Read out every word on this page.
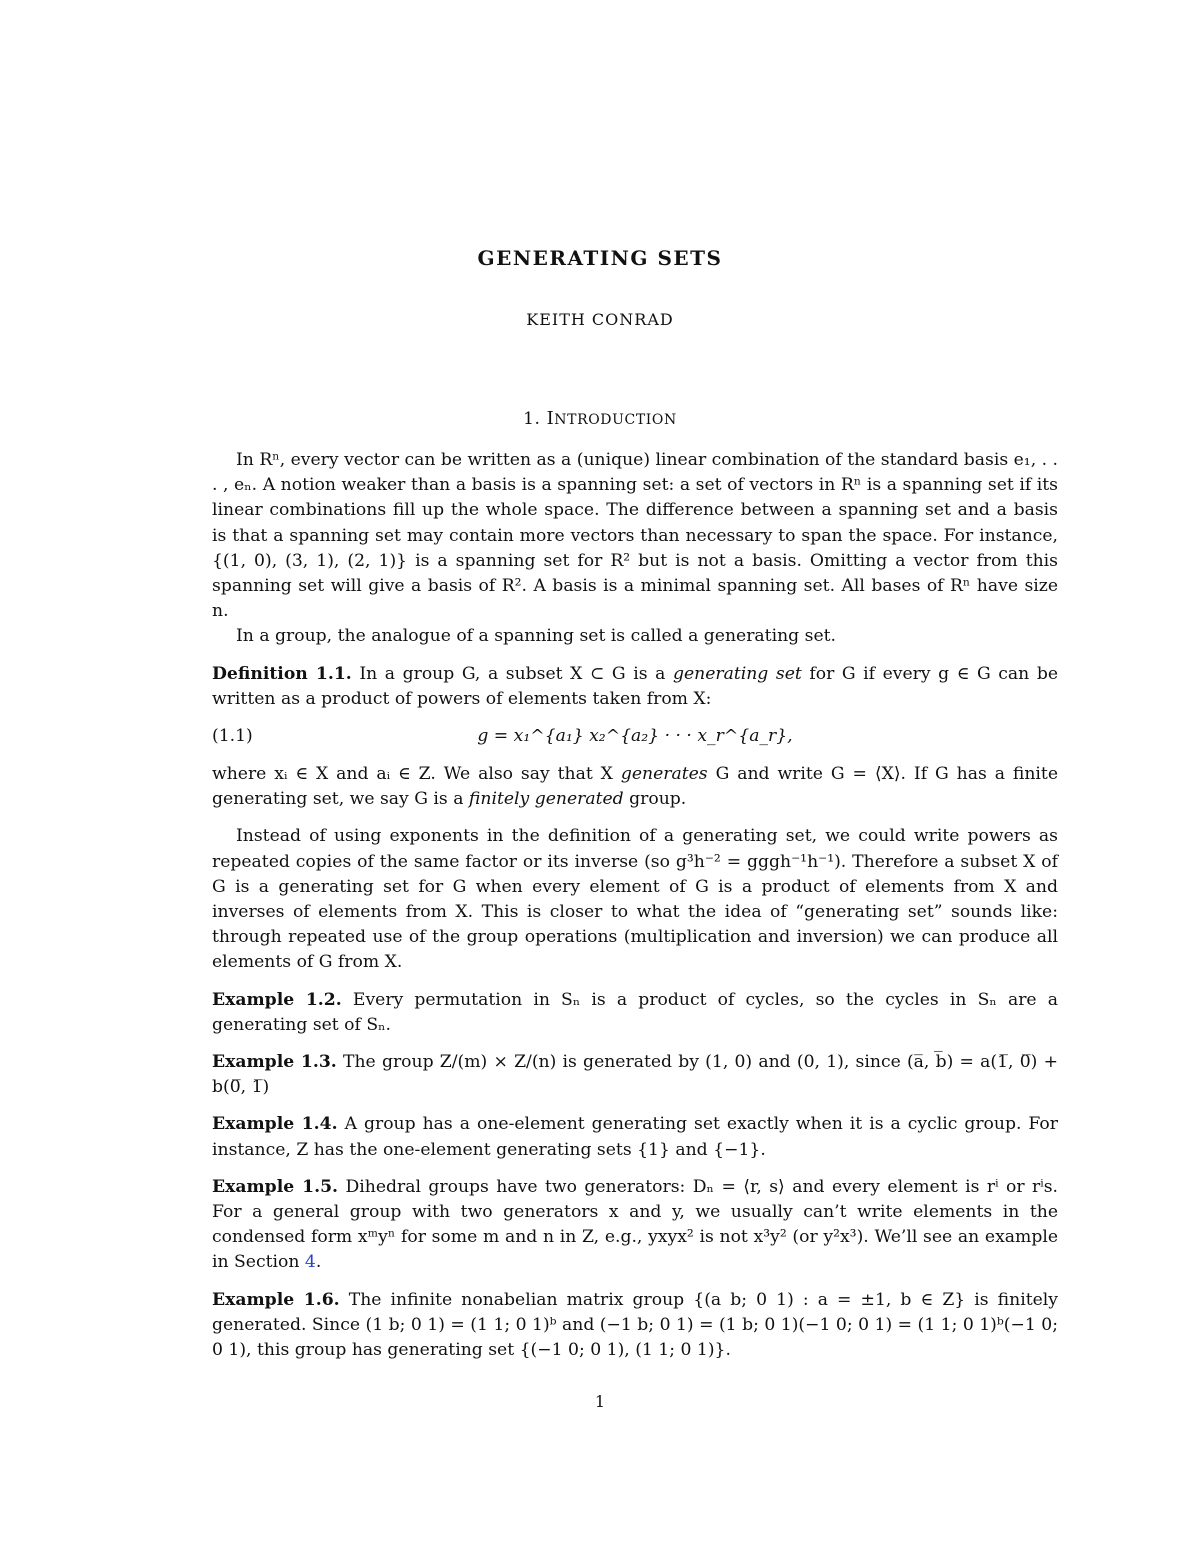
GENERATING SETS
KEITH CONRAD
1. INTRODUCTION

In Rⁿ, every vector can be written as a (unique) linear combination of the standard basis e₁, . . . , eₙ. A notion weaker than a basis is a spanning set: a set of vectors in Rⁿ is a spanning set if its linear combinations fill up the whole space. The difference between a spanning set and a basis is that a spanning set may contain more vectors than necessary to span the space. For instance, {(1, 0), (3, 1), (2, 1)} is a spanning set for R² but is not a basis. Omitting a vector from this spanning set will give a basis of R². A basis is a minimal spanning set. All bases of Rⁿ have size n.

In a group, the analogue of a spanning set is called a generating set.

Definition 1.1. In a group G, a subset X ⊂ G is a generating set for G if every g ∈ G can be written as a product of powers of elements taken from X:

(1.1)	g = x₁^{a₁} x₂^{a₂} · · · x_r^{a_r},

where xᵢ ∈ X and aᵢ ∈ Z. We also say that X generates G and write G = ⟨X⟩. If G has a finite generating set, we say G is a finitely generated group.

Instead of using exponents in the definition of a generating set, we could write powers as repeated copies of the same factor or its inverse (so g³h⁻² = gggh⁻¹h⁻¹). Therefore a subset X of G is a generating set for G when every element of G is a product of elements from X and inverses of elements from X. This is closer to what the idea of “generating set” sounds like: through repeated use of the group operations (multiplication and inversion) we can produce all elements of G from X.

Example 1.2. Every permutation in Sₙ is a product of cycles, so the cycles in Sₙ are a generating set of Sₙ.

Example 1.3. The group Z/(m) × Z/(n) is generated by (1, 0) and (0, 1), since (a̅, b̅) = a(1̅, 0̅) + b(0̅, 1̅)

Example 1.4. A group has a one-element generating set exactly when it is a cyclic group. For instance, Z has the one-element generating sets {1} and {−1}.

Example 1.5. Dihedral groups have two generators: Dₙ = ⟨r, s⟩ and every element is rⁱ or rⁱs. For a general group with two generators x and y, we usually can’t write elements in the condensed form xᵐyⁿ for some m and n in Z, e.g., yxyx² is not x³y² (or y²x³). We’ll see an example in Section 4.

Example 1.6. The infinite nonabelian matrix group {(a b; 0 1) : a = ±1, b ∈ Z} is finitely generated. Since (1 b; 0 1) = (1 1; 0 1)ᵇ and (−1 b; 0 1) = (1 b; 0 1)(−1 0; 0 1) = (1 1; 0 1)ᵇ(−1 0; 0 1), this group has generating set {(−1 0; 0 1), (1 1; 0 1)}.

1
